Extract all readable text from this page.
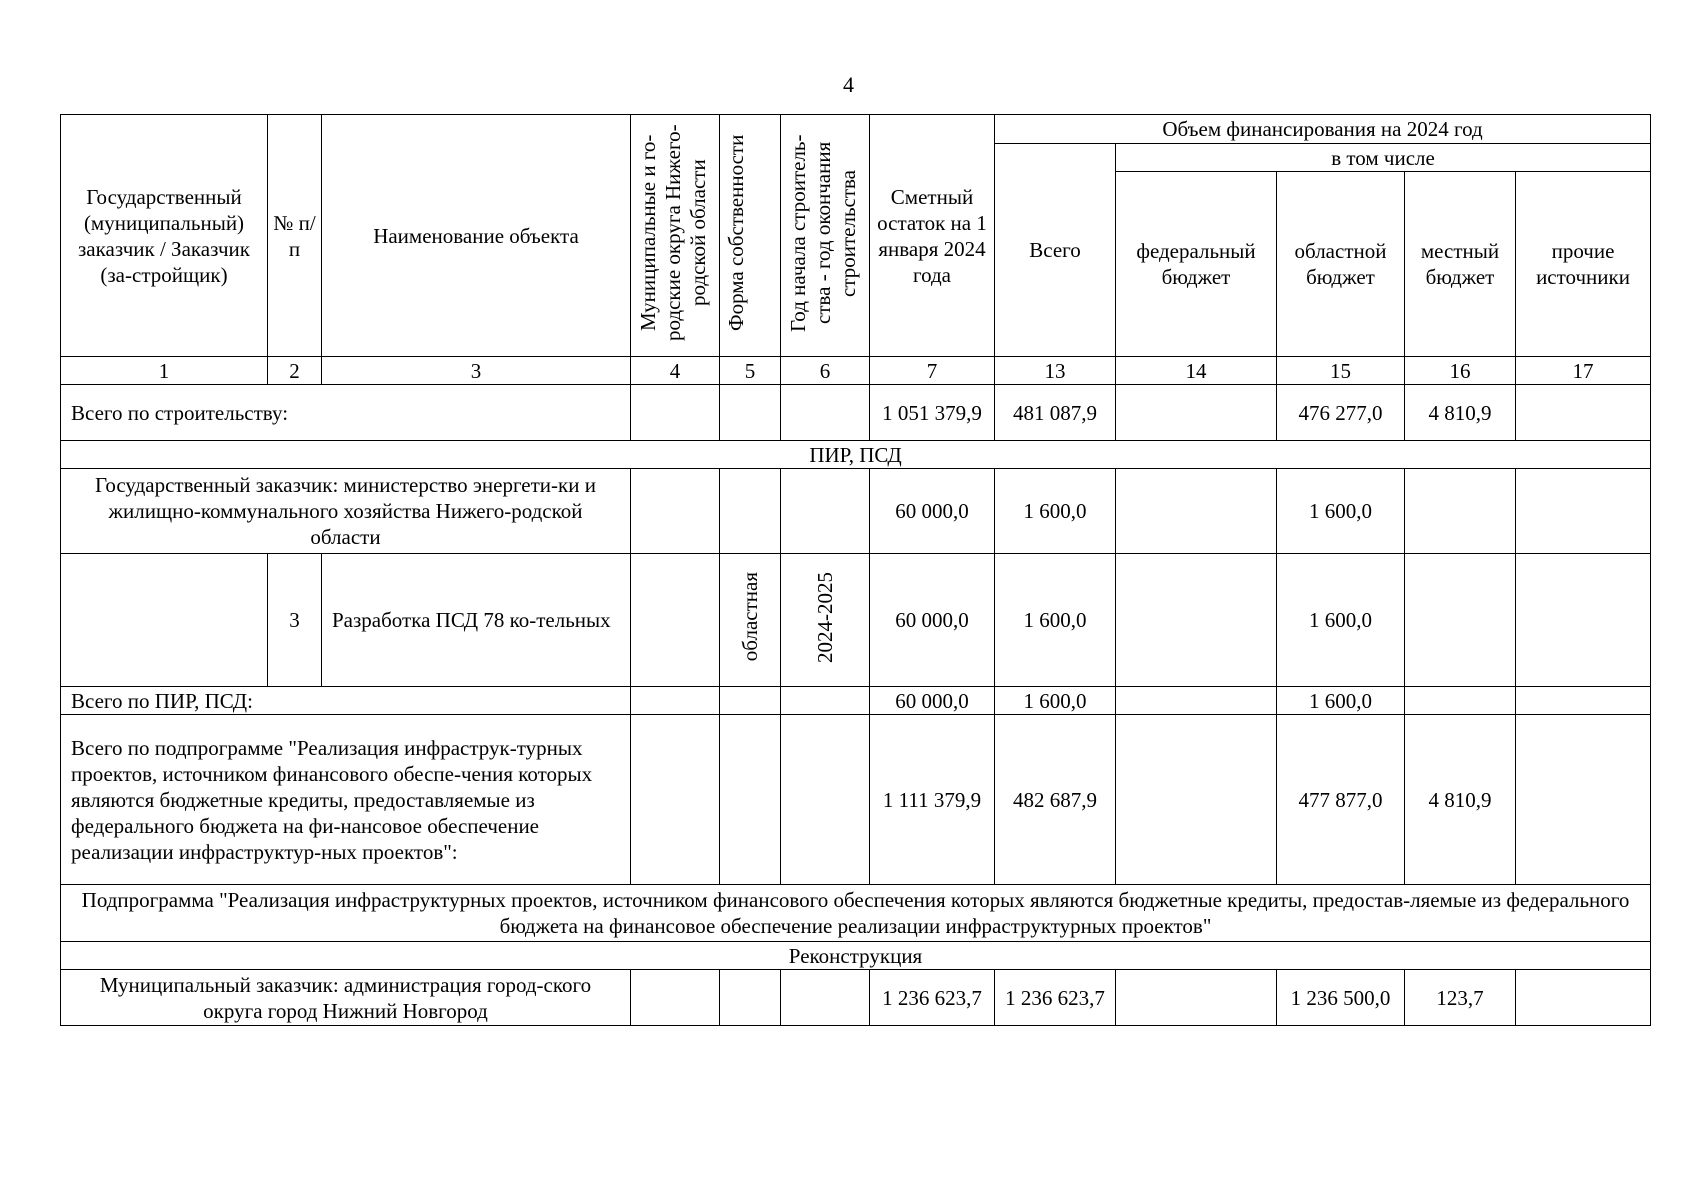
4
Государственный (муниципальный) заказчик / Заказчик (за-стройщик)	№ п/п	Наименование объекта	Муниципальные и го-родские округа Нижего-родской области	Форма собственности	Год начала строитель-ства - год окончания строительства	Сметный остаток на 1 января 2024 года	Объем финансирования на 2024 год				
							Всего	в том числе			
								федеральный бюджет	областной бюджет	местный бюджет	прочие источники
1	2	3	4	5	6	7	13	14	15	16	17
Всего по строительству:						1 051 379,9	481 087,9		476 277,0	4 810,9	
ПИР, ПСД											
Государственный заказчик: министерство энергети-ки и жилищно-коммунального хозяйства Нижего-родской области						60 000,0	1 600,0		1 600,0		
	3	Разработка ПСД 78 ко-тельных		областная	2024-2025	60 000,0	1 600,0		1 600,0		
Всего по ПИР, ПСД:						60 000,0	1 600,0		1 600,0		
Всего по подпрограмме "Реализация инфраструк-турных проектов, источником финансового обеспе-чения которых являются бюджетные кредиты, предоставляемые из федерального бюджета на фи-нансовое обеспечение реализации инфраструктур-ных проектов":						1 111 379,9	482 687,9		477 877,0	4 810,9	
Подпрограмма "Реализация инфраструктурных проектов, источником финансового обеспечения которых являются бюджетные кредиты, предостав-ляемые из федерального бюджета на финансовое обеспечение реализации инфраструктурных проектов"											
Реконструкция											
Муниципальный заказчик: администрация город-ского округа город Нижний Новгород						1 236 623,7	1 236 623,7		1 236 500,0	123,7	
